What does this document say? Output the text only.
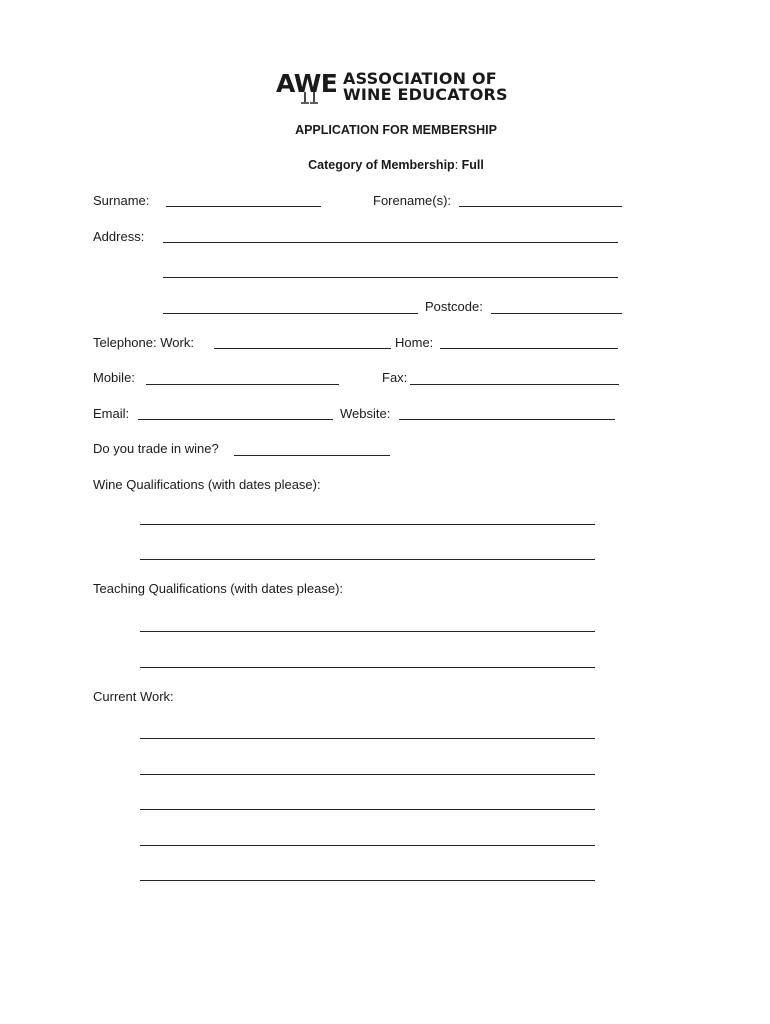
AWE ASSOCIATION OF
WINE EDUCATORS
APPLICATION FOR MEMBERSHIP
Category of Membership: Full
Surname:	Forename(s):
Address:
Postcode:
Telephone: Work:	Home:
Mobile:	Fax:
Email:	Website:
Do you trade in wine?
Wine Qualifications (with dates please):
Teaching Qualifications (with dates please):
Current Work:
